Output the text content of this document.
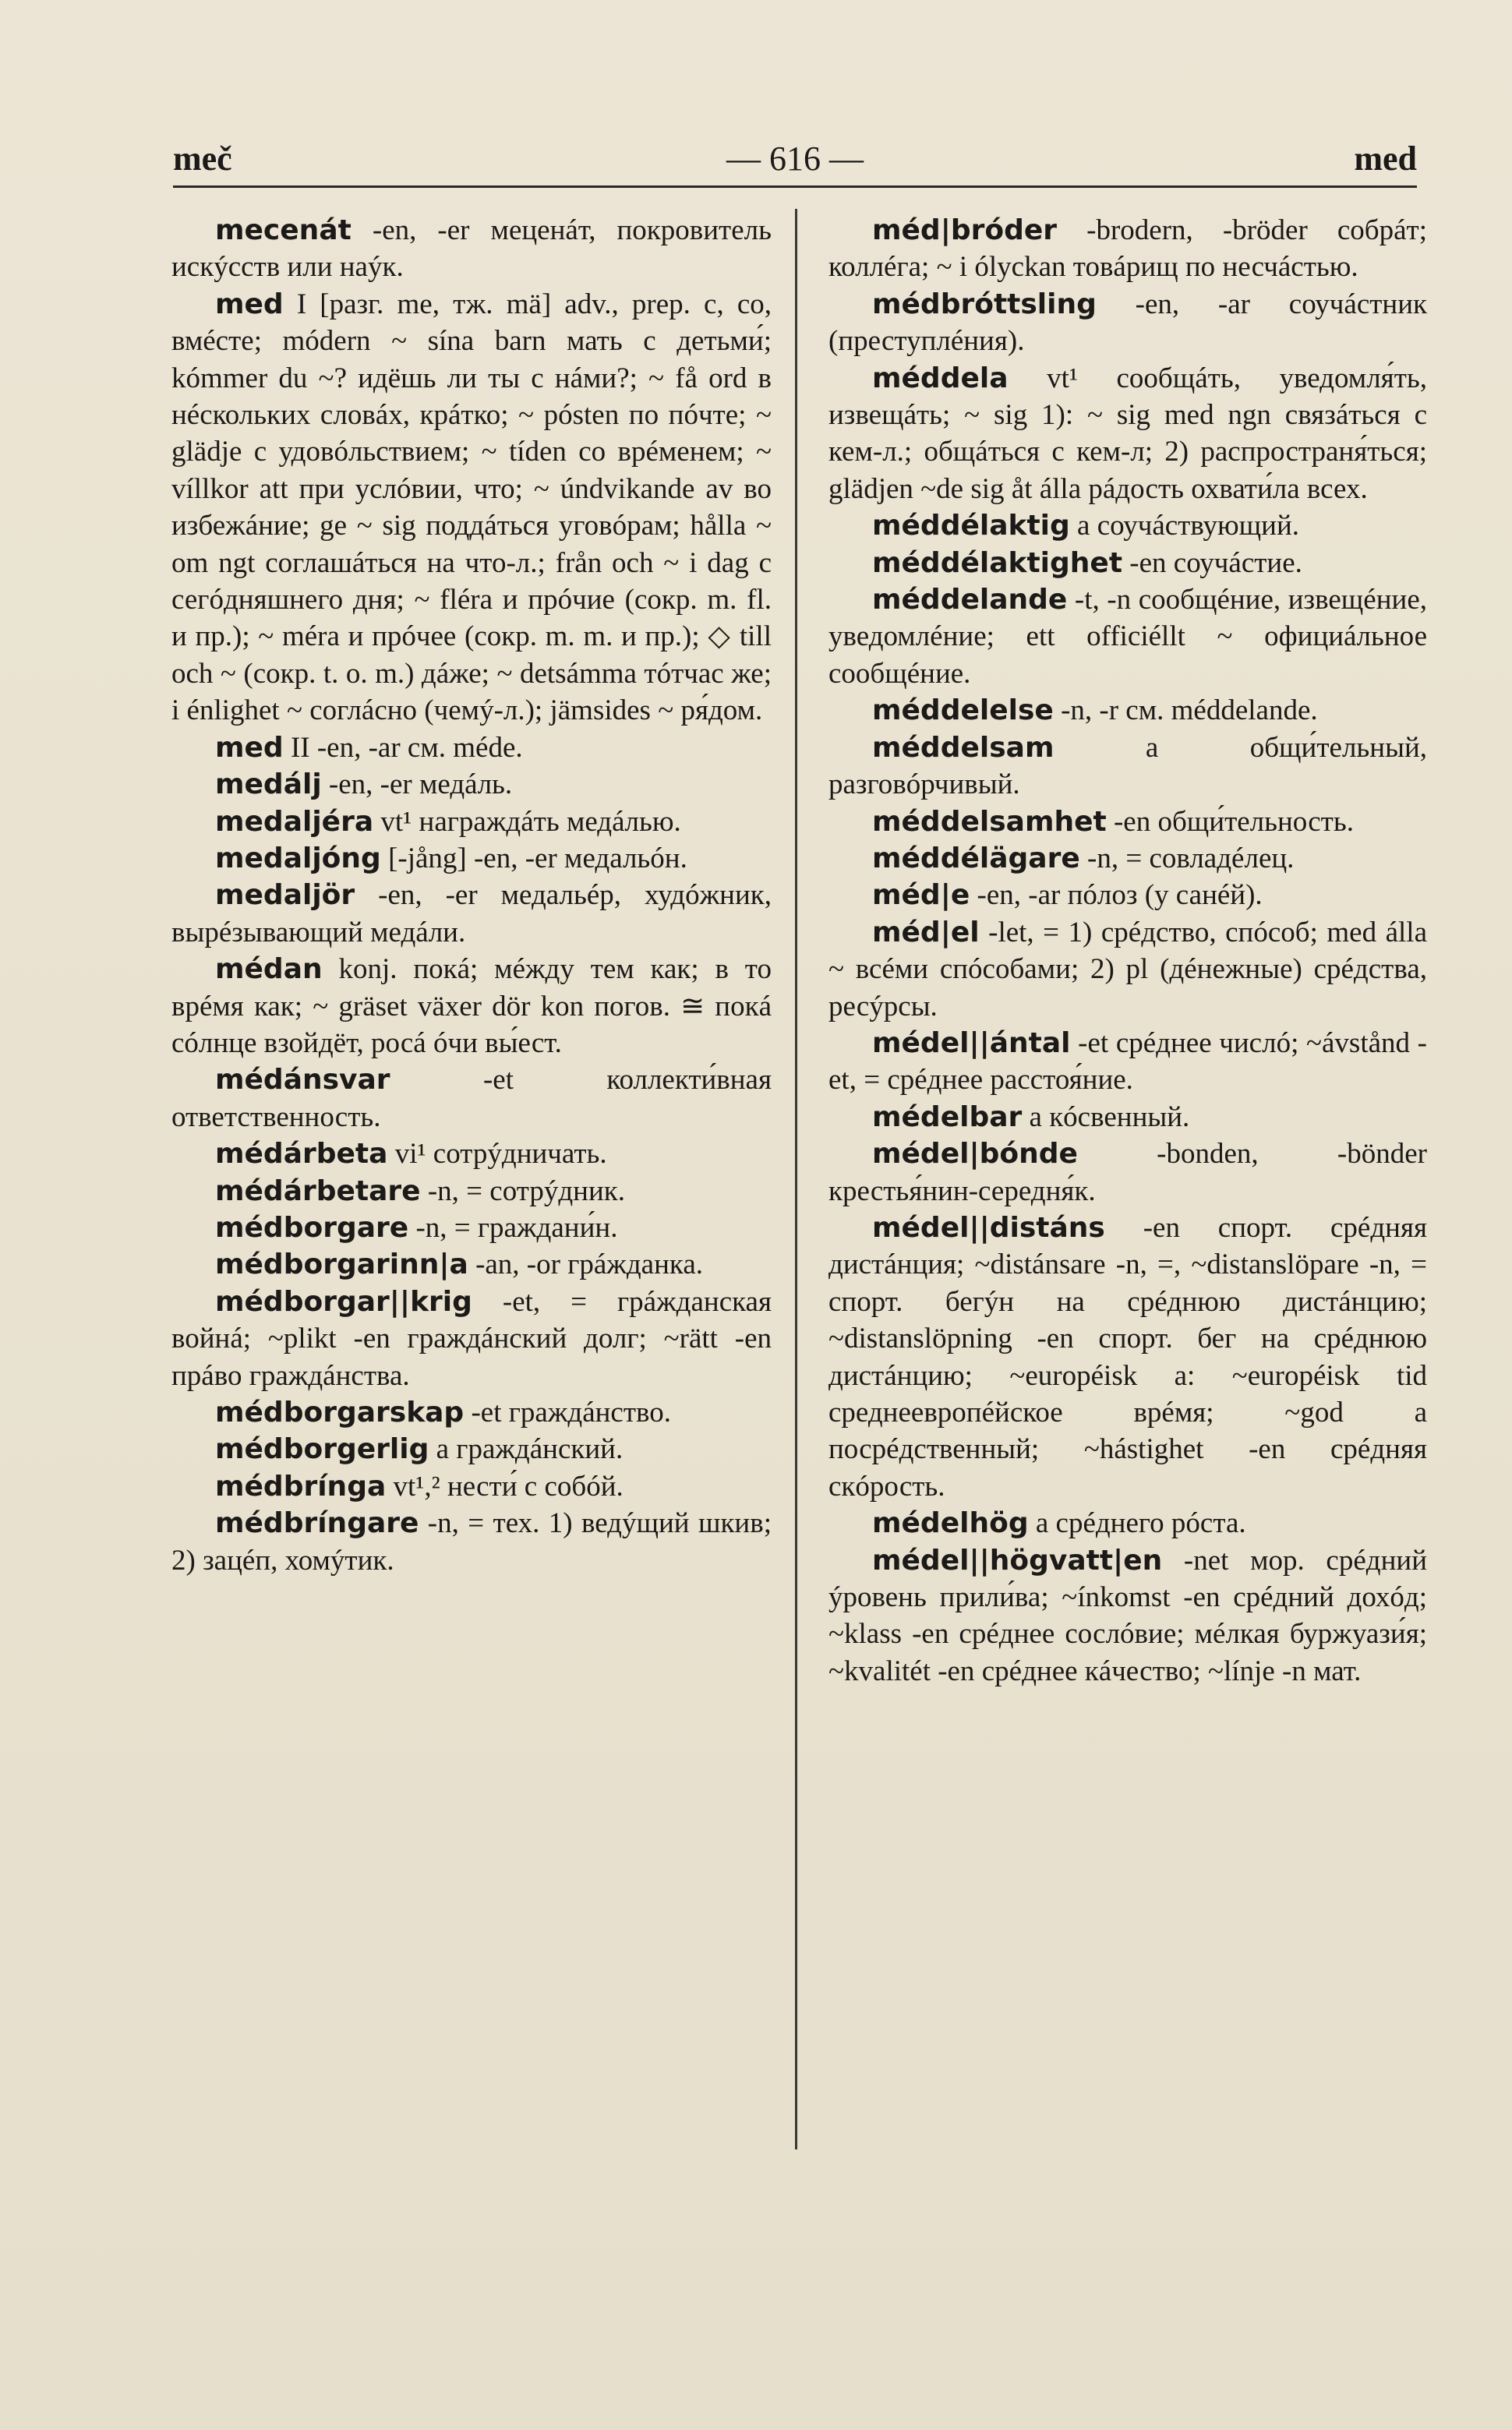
meč	— 616 —	med

mecenát -en, -er меценáт, покровитель искýсств или наýк.

med I [разг. me, тж. mä] adv., prep. с, со, вмéсте; módern ~ sína barn мать с детьми́; kómmer du ~? идёшь ли ты с нáми?; ~ få ord в нéскольких словáх, крáтко; ~ pósten по пóчте; ~ glädje с удовóльствием; ~ tíden со врéменем; ~ víllkor att при услóвии, что; ~ úndvikande av во избежáние; ge ~ sig поддáться уговóрам; hålla ~ om ngt соглашáться на что-л.; från och ~ i dag с сегóдняшнего дня; ~ fléra и прóчие (сокр. m. fl. и пр.); ~ méra и прóчее (сокр. m. m. и пр.); ◇ till och ~ (сокр. t. o. m.) дáже; ~ detsámma тóтчас же; i énlighet ~ соглáсно (чемý-л.); jämsides ~ ря́дом.

med II -en, -ar см. méde.

medálj -en, -er медáль.

medaljéra vt¹ награждáть медáлью.

medaljóng [-jång] -en, -er медальóн.

medaljör -en, -er медальéр, худóжник, вырéзывающий медáли.

médan konj. покá; мéжду тем как; в то врéмя как; ~ gräset växer dör kon погов. ≅ покá сóлнце взойдёт, росá óчи вы́ест.

médánsvar -et коллекти́вная ответственность.

médárbeta vi¹ сотрýдничать.

médárbetare -n, = сотрýдник.

médborgare -n, = граждани́н.

médborgarinn|a -an, -or грáжданка.

médborgar||krig -et, = грáжданская войнá; ~plikt -en граждáнский долг; ~rätt -en прáво граждáнства.

médborgarskap -et граждáнство.

médborgerlig a граждáнский.

médbrínga vt¹,² нести́ с собóй.

médbríngare -n, = тех. 1) ведýщий шкив; 2) зацéп, хомýтик.

méd|bróder -brodern, -bröder собрáт; коллéга; ~ i ólyckan товáрищ по несчáстью.

médbróttsling -en, -ar соучáстник (преступлéния).

méddela vt¹ сообщáть, уведомля́ть, извещáть; ~ sig 1): ~ sig med ngn связáться с кем-л.; общáться с кем-л; 2) распространя́ться; glädjen ~de sig åt álla рáдость охвати́ла всех.

méddélaktig a соучáствующий.

méddélaktighet -en соучáстие.

méddelande -t, -n сообщéние, извещéние, уведомлéние; ett officiéllt ~ официáльное сообщéние.

méddelelse -n, -r см. méddelande.

méddelsam a общи́тельный, разговóрчивый.

méddelsamhet -en общи́тельность.

méddélägare -n, = совладéлец.

méd|e -en, -ar пóлоз (у санéй).

méd|el -let, = 1) срéдство, спóсоб; med álla ~ всéми спóсобами; 2) pl (дéнежные) срéдства, ресýрсы.

médel||ántal -et срéднее числó; ~ávstånd -et, = срéднее расстоя́ние.

médelbar a кóсвенный.

médel|bónde -bonden, -bönder крестья́нин-середня́к.

médel||distáns -en спорт. срéдняя дистáнция; ~distánsare -n, =, ~distanslöpare -n, = спорт. бегýн на срéднюю дистáнцию; ~distanslöpning -en спорт. бег на срéднюю дистáнцию; ~européisk a: ~européisk tid среднеевропéйское врéмя; ~god a посрéдственный; ~hástighet -en срéдняя скóрость.

médelhög a срéднего рóста.

médel||högvatt|en -net мор. срéдний ýровень прили́ва; ~ínkomst -en срéдний дохóд; ~klass -en срéднее сослóвие; мéлкая буржуази́я; ~kvalitét -en срéднее кáчество; ~línje -n мат.
